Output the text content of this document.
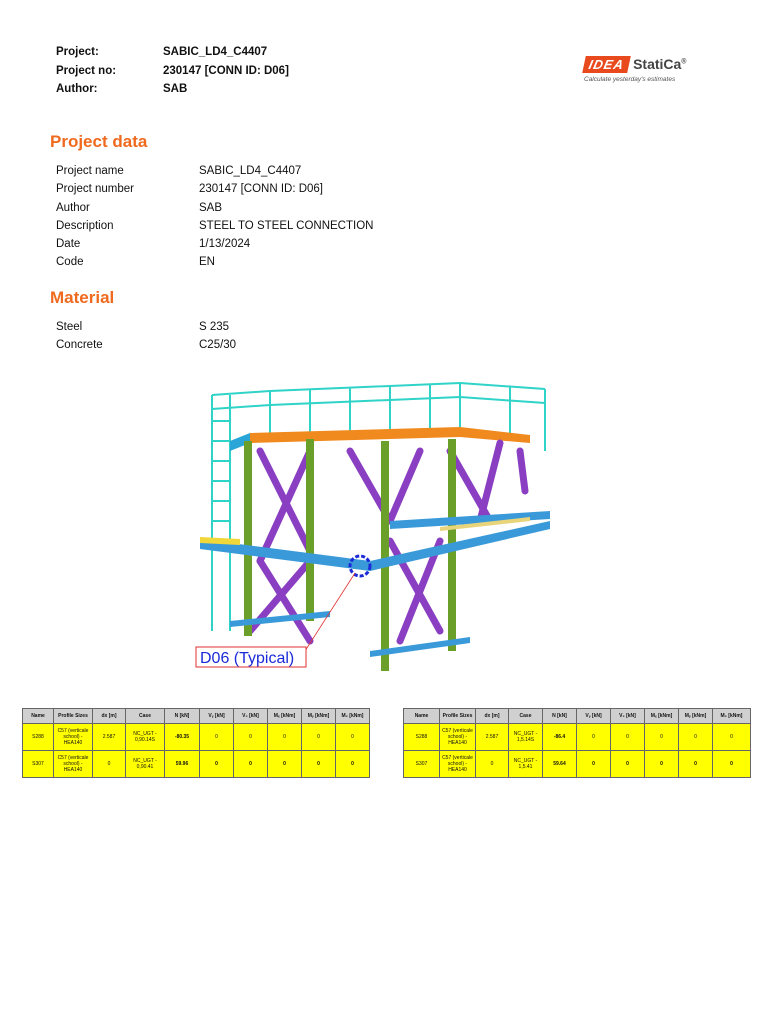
Project:	SABIC_LD4_C4407
Project no:	230147 [CONN ID: D06]
Author:	SAB
IDEA StatiCa®
Calculate yesterday's estimates
Project data
Project name	SABIC_LD4_C4407
Project number	230147 [CONN ID: D06]
Author	SAB
Description	STEEL TO STEEL CONNECTION
Date	1/13/2024
Code	EN
Material
Steel	S 235
Concrete	C25/30
D06 (Typical)
Name	Profile Sizes	dx [m]	Case	N [kN]	Vᵧ [kN]	V₂ [kN]	Mₓ [kNm]	Mᵧ [kNm]	M₂ [kNm]
S288	C57 (verticale school) - HEA140	2.587	NC_UGT - 0,90.14S	-80.35	0	0	0	0	0
S307	C57 (verticale school) - HEA140	0	NC_UGT - 0,90.41	59.96	0	0	0	0	0
Name	Profile Sizes	dx [m]	Case	N [kN]	Vᵧ [kN]	V₂ [kN]	Mₓ [kNm]	Mᵧ [kNm]	M₂ [kNm]
S288	C57 (verticale school) - HEA140	2.587	NC_UGT - 1,5.14S	-86.4	0	0	0	0	0
S307	C57 (verticale school) - HEA140	0	NC_UGT - 1,5.41	59.64	0	0	0	0	0
